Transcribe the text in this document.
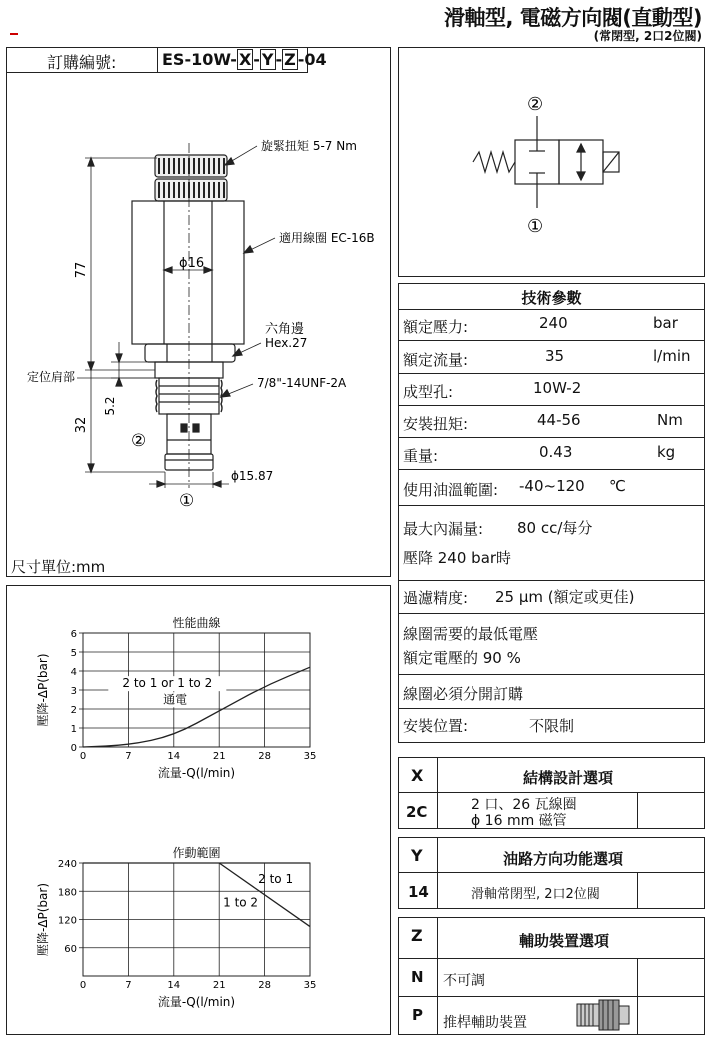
滑軸型, 電磁方向閥(直動型)
(常閉型, 2口2位閥)
訂購編號:	ES-10W- X - Y - Z -04
77
32
5.2
ϕ16
旋緊扭矩 5-7 Nm
適用線圈 EC-16B
六角邊
Hex.27
7/8"-14UNF-2A
定位肩部
②
①
ϕ15.87
尺寸單位:mm
②
①
技術參數
額定壓力:	240	bar
額定流量:	35	l/min
成型孔:	10W-2
安裝扭矩:	44-56	Nm
重量:	0.43	kg
使用油溫範圍: -40~120 ℃
最大內漏量: 80 cc/每分
壓降 240 bar時
過濾精度: 25 μm (額定或更佳)
線圈需要的最低電壓
額定電壓的 90 %
線圈必須分開訂購
安裝位置:	不限制
0	7	14	21	28	35
0
1
2
3
4
5
6
性能曲線
流量-Q(l/min)
壓降-ΔP(bar)	2 to 1 or 1 to 2
通電
0	7	14	21	28	35
60
120
180
240
作動範圍
流量-Q(l/min)
壓降-ΔP(bar)
2 to 1
1 to 2
X	結構設計選項
2C	2 口、26 瓦線圈
ϕ 16 mm 磁管
Y	油路方向功能選項
14	滑軸常閉型, 2口2位閥
Z	輔助裝置選項
N 不可調
P 推桿輔助裝置
